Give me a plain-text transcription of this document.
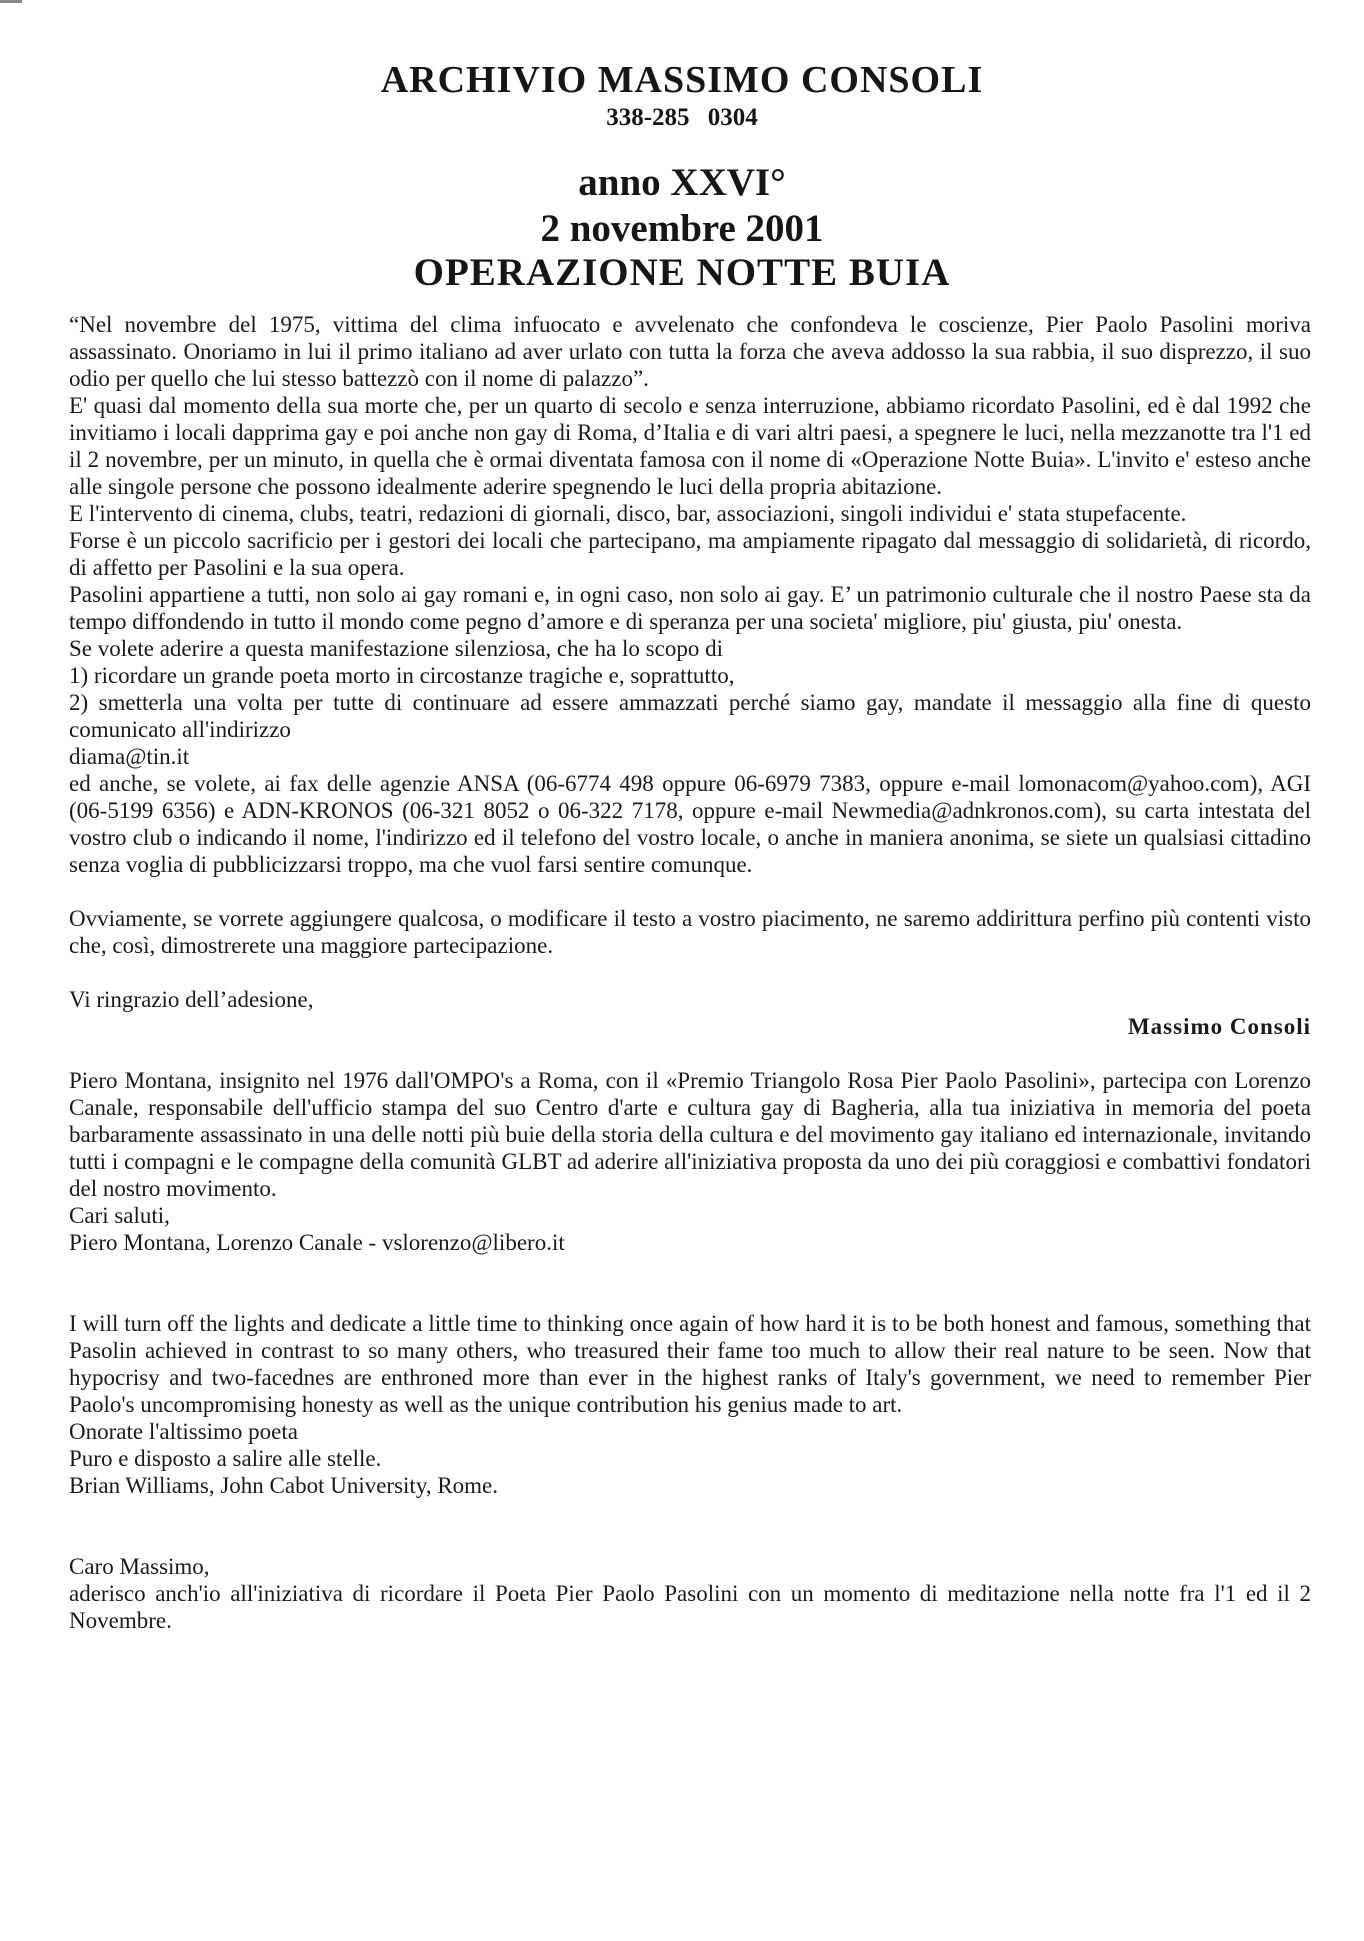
ARCHIVIO MASSIMO CONSOLI
338-285 0304
anno XXVI°
2 novembre 2001
OPERAZIONE NOTTE BUIA

“Nel novembre del 1975, vittima del clima infuocato e avvelenato che confondeva le coscienze, Pier Paolo Pasolini moriva assassinato. Onoriamo in lui il primo italiano ad aver urlato con tutta la forza che aveva addosso la sua rabbia, il suo disprezzo, il suo odio per quello che lui stesso battezzò con il nome di palazzo”.

E' quasi dal momento della sua morte che, per un quarto di secolo e senza interruzione, abbiamo ricordato Pasolini, ed è dal 1992 che invitiamo i locali dapprima gay e poi anche non gay di Roma, d’Italia e di vari altri paesi, a spegnere le luci, nella mezzanotte tra l'1 ed il 2 novembre, per un minuto, in quella che è ormai diventata famosa con il nome di «Operazione Notte Buia». L'invito e' esteso anche alle singole persone che possono idealmente aderire spegnendo le luci della propria abitazione.

E l'intervento di cinema, clubs, teatri, redazioni di giornali, disco, bar, associazioni, singoli individui e' stata stupefacente.

Forse è un piccolo sacrificio per i gestori dei locali che partecipano, ma ampiamente ripagato dal messaggio di solidarietà, di ricordo, di affetto per Pasolini e la sua opera.

Pasolini appartiene a tutti, non solo ai gay romani e, in ogni caso, non solo ai gay. E’ un patrimonio culturale che il nostro Paese sta da tempo diffondendo in tutto il mondo come pegno d’amore e di speranza per una societa' migliore, piu' giusta, piu' onesta.

Se volete aderire a questa manifestazione silenziosa, che ha lo scopo di

1) ricordare un grande poeta morto in circostanze tragiche e, soprattutto,

2) smetterla una volta per tutte di continuare ad essere ammazzati perché siamo gay, mandate il messaggio alla fine di questo comunicato all'indirizzo

diama@tin.it

ed anche, se volete, ai fax delle agenzie ANSA (06-6774 498 oppure 06-6979 7383, oppure e-mail lomonacom@yahoo.com), AGI (06-5199 6356) e ADN-KRONOS (06-321 8052 o 06-322 7178, oppure e-mail Newmedia@adnkronos.com), su carta intestata del vostro club o indicando il nome, l'indirizzo ed il telefono del vostro locale, o anche in maniera anonima, se siete un qualsiasi cittadino senza voglia di pubblicizzarsi troppo, ma che vuol farsi sentire comunque.

Ovviamente, se vorrete aggiungere qualcosa, o modificare il testo a vostro piacimento, ne saremo addirittura perfino più contenti visto che, così, dimostrerete una maggiore partecipazione.

Vi ringrazio dell’adesione,

Massimo Consoli

Piero Montana, insignito nel 1976 dall'OMPO's a Roma, con il «Premio Triangolo Rosa Pier Paolo Pasolini», partecipa con Lorenzo Canale, responsabile dell'ufficio stampa del suo Centro d'arte e cultura gay di Bagheria, alla tua iniziativa in memoria del poeta barbaramente assassinato in una delle notti più buie della storia della cultura e del movimento gay italiano ed internazionale, invitando tutti i compagni e le compagne della comunità GLBT ad aderire all'iniziativa proposta da uno dei più coraggiosi e combattivi fondatori del nostro movimento.

Cari saluti,

Piero Montana, Lorenzo Canale - vslorenzo@libero.it

I will turn off the lights and dedicate a little time to thinking once again of how hard it is to be both honest and famous, something that Pasolin achieved in contrast to so many others, who treasured their fame too much to allow their real nature to be seen. Now that hypocrisy and two-facednes are enthroned more than ever in the highest ranks of Italy's government, we need to remember Pier Paolo's uncompromising honesty as well as the unique contribution his genius made to art.

Onorate l'altissimo poeta

Puro e disposto a salire alle stelle.

Brian Williams, John Cabot University, Rome.

Caro Massimo,

aderisco anch'io all'iniziativa di ricordare il Poeta Pier Paolo Pasolini con un momento di meditazione nella notte fra l'1 ed il 2 Novembre.
